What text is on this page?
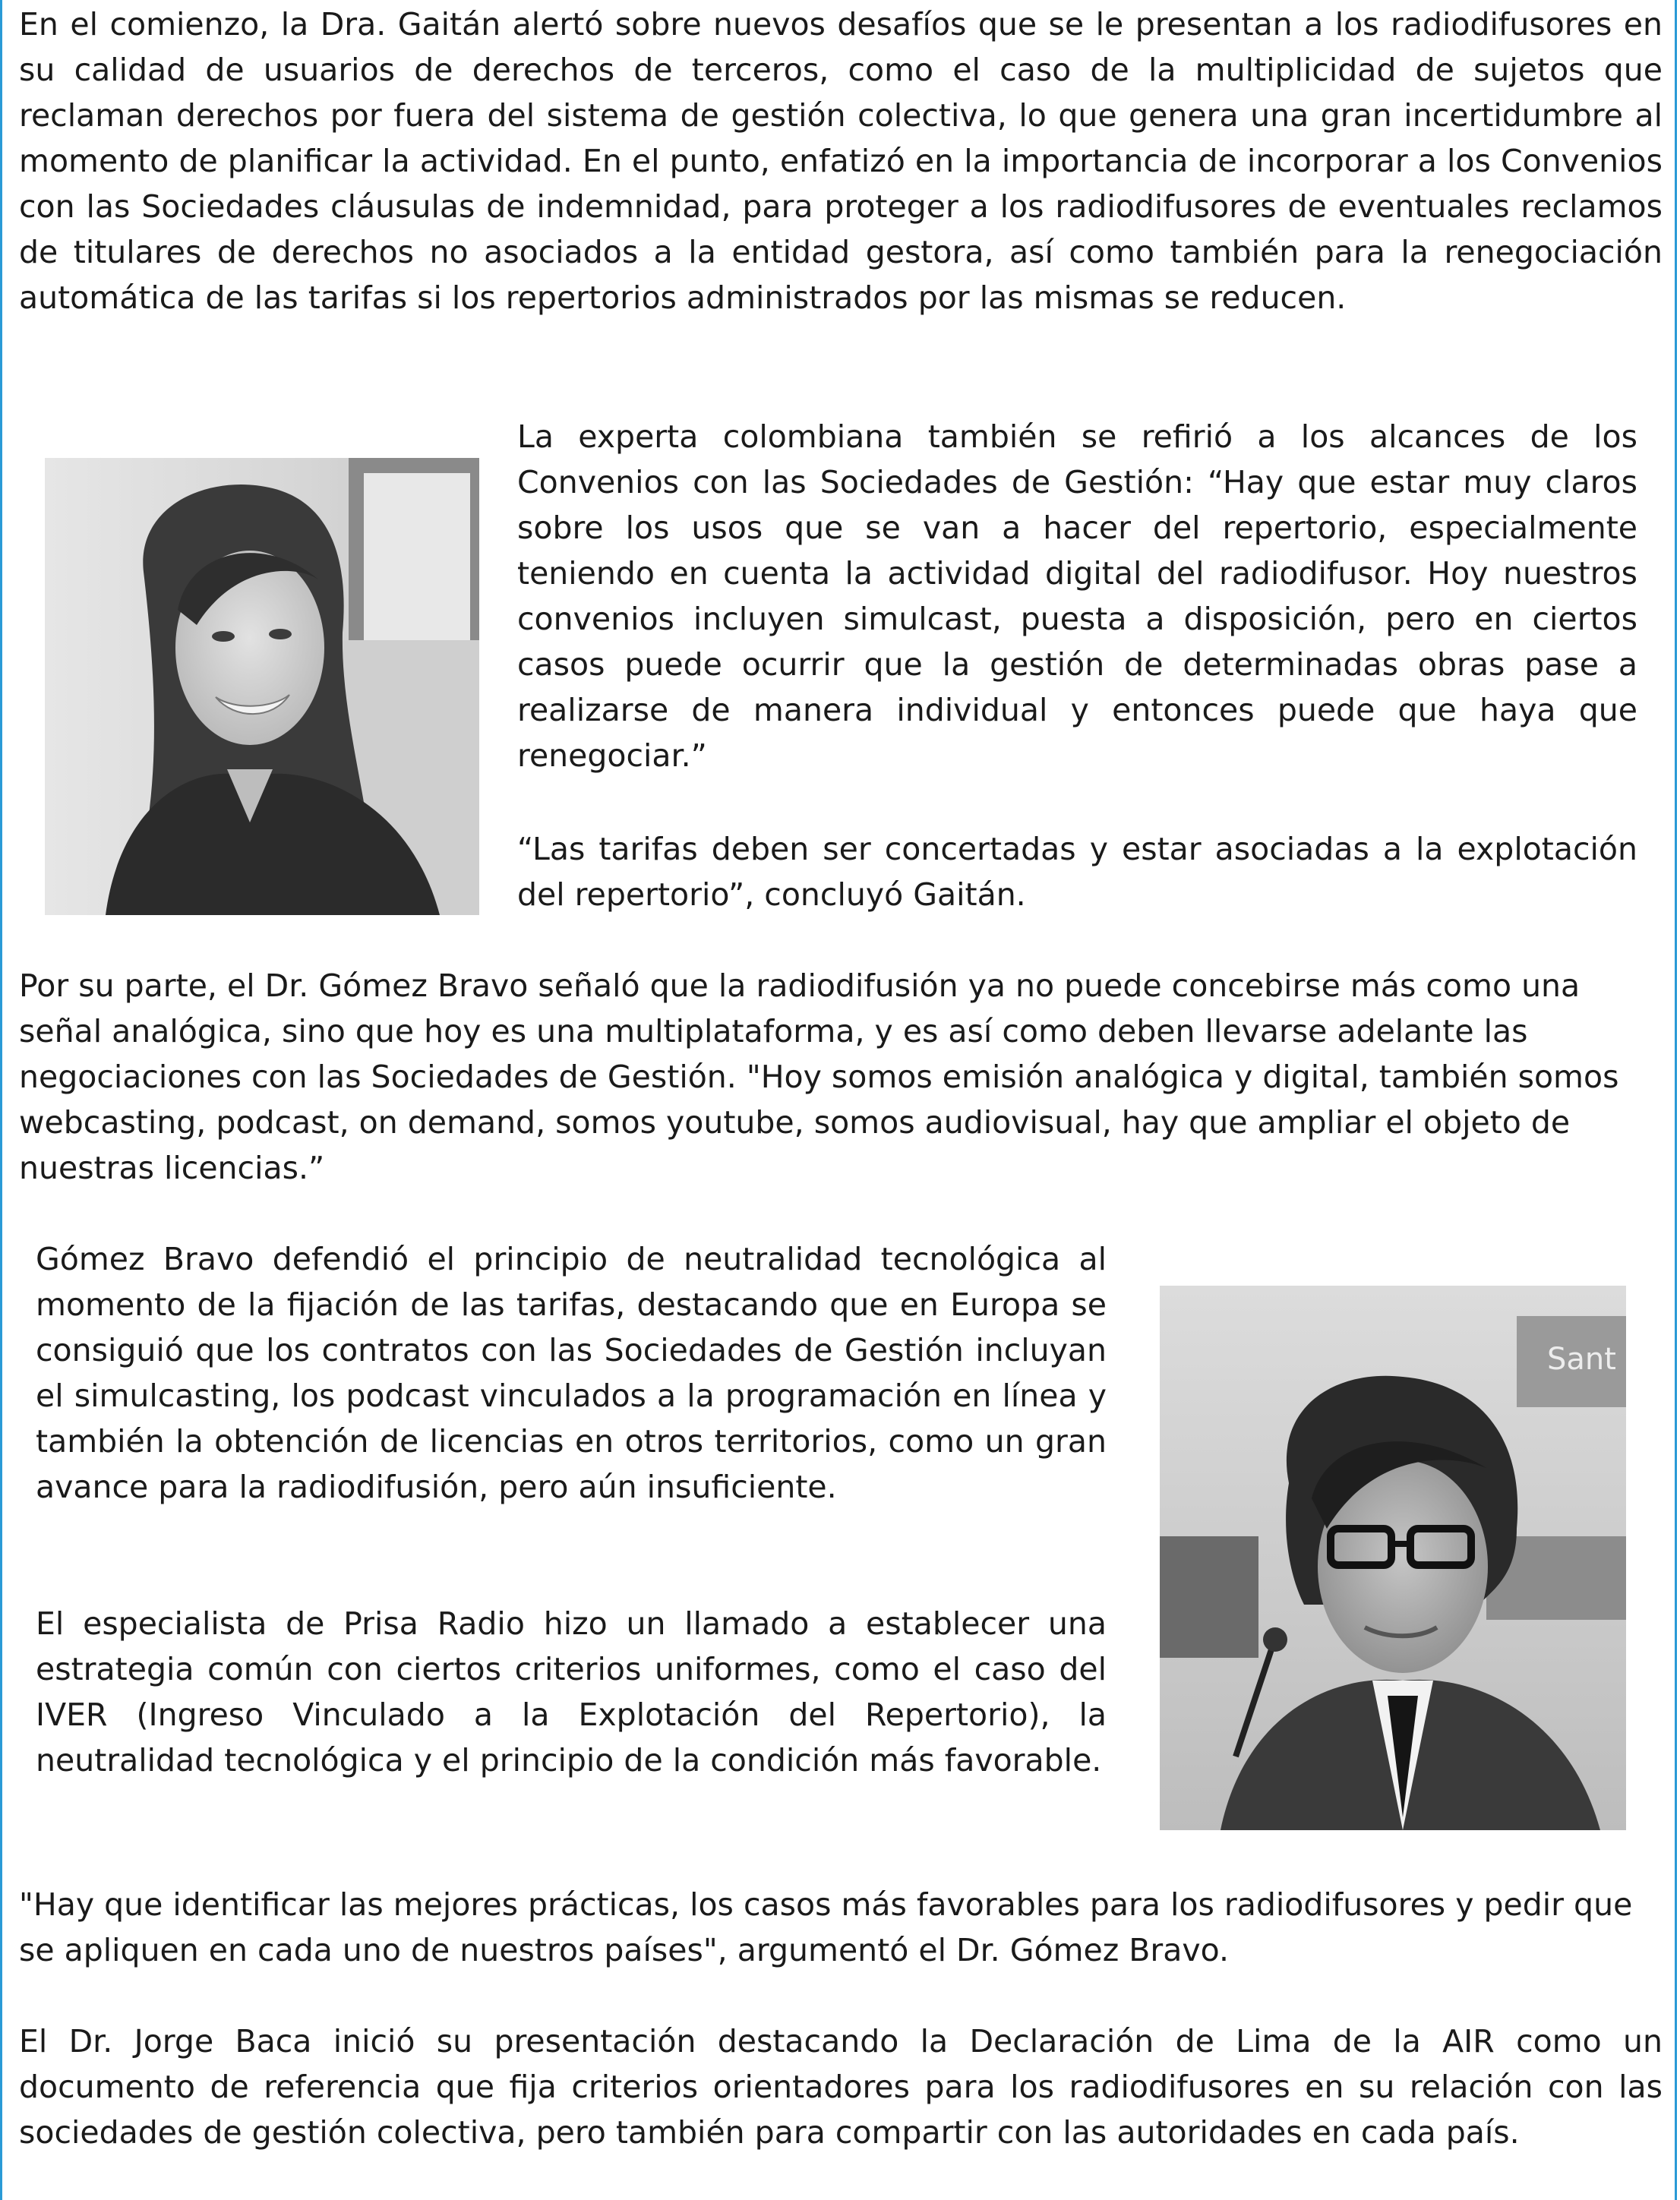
En el comienzo, la Dra. Gaitán alertó sobre nuevos desafíos que se le presentan a los radiodifusores en su calidad de usuarios de derechos de terceros, como el caso de la multiplicidad de sujetos que reclaman derechos por fuera del sistema de gestión colectiva, lo que genera una gran incertidumbre al momento de planificar la actividad. En el punto, enfatizó en la importancia de incorporar a los Convenios con las Sociedades cláusulas de indemnidad, para proteger a los radiodifusores de eventuales reclamos de titulares de derechos no asociados a la entidad gestora, así como también para la renegociación automática de las tarifas si los repertorios administrados por las mismas se reducen.

La experta colombiana también se refirió a los alcances de los Convenios con las Sociedades de Gestión: “Hay que estar muy claros sobre los usos que se van a hacer del repertorio, especialmente teniendo en cuenta la actividad digital del radiodifusor. Hoy nuestros convenios incluyen simulcast, puesta a disposición, pero en ciertos casos puede ocurrir que la gestión de determinadas obras pase a realizarse de manera individual y entonces puede que haya que renegociar.”

“Las tarifas deben ser concertadas y estar asociadas a la explotación del repertorio”, concluyó Gaitán.

Por su parte, el Dr. Gómez Bravo señaló que la radiodifusión ya no puede concebirse más como una señal analógica, sino que hoy es una multiplataforma, y es así como deben llevarse adelante las negociaciones con las Sociedades de Gestión. "Hoy somos emisión analógica y digital, también somos webcasting, podcast, on demand, somos youtube, somos audiovisual, hay que ampliar el objeto de nuestras licencias.”

Gómez Bravo defendió el principio de neutralidad tecnológica al momento de la fijación de las tarifas, destacando que en Europa se consiguió que los contratos con las Sociedades de Gestión incluyan el simulcasting, los podcast vinculados a la programación en línea y también la obtención de licencias en otros territorios, como un gran avance para la radiodifusión, pero aún insuficiente.

El especialista de Prisa Radio hizo un llamado a establecer una estrategia común con ciertos criterios uniformes, como el caso del IVER (Ingreso Vinculado a la Explotación del Repertorio), la neutralidad tecnológica y el principio de la condición más favorable.

Sant

"Hay que identificar las mejores prácticas, los casos más favorables para los radiodifusores y pedir que se apliquen en cada uno de nuestros países", argumentó el Dr. Gómez Bravo.

El Dr. Jorge Baca inició su presentación destacando la Declaración de Lima de la AIR como un documento de referencia que fija criterios orientadores para los radiodifusores en su relación con las sociedades de gestión colectiva, pero también para compartir con las autoridades en cada país.
